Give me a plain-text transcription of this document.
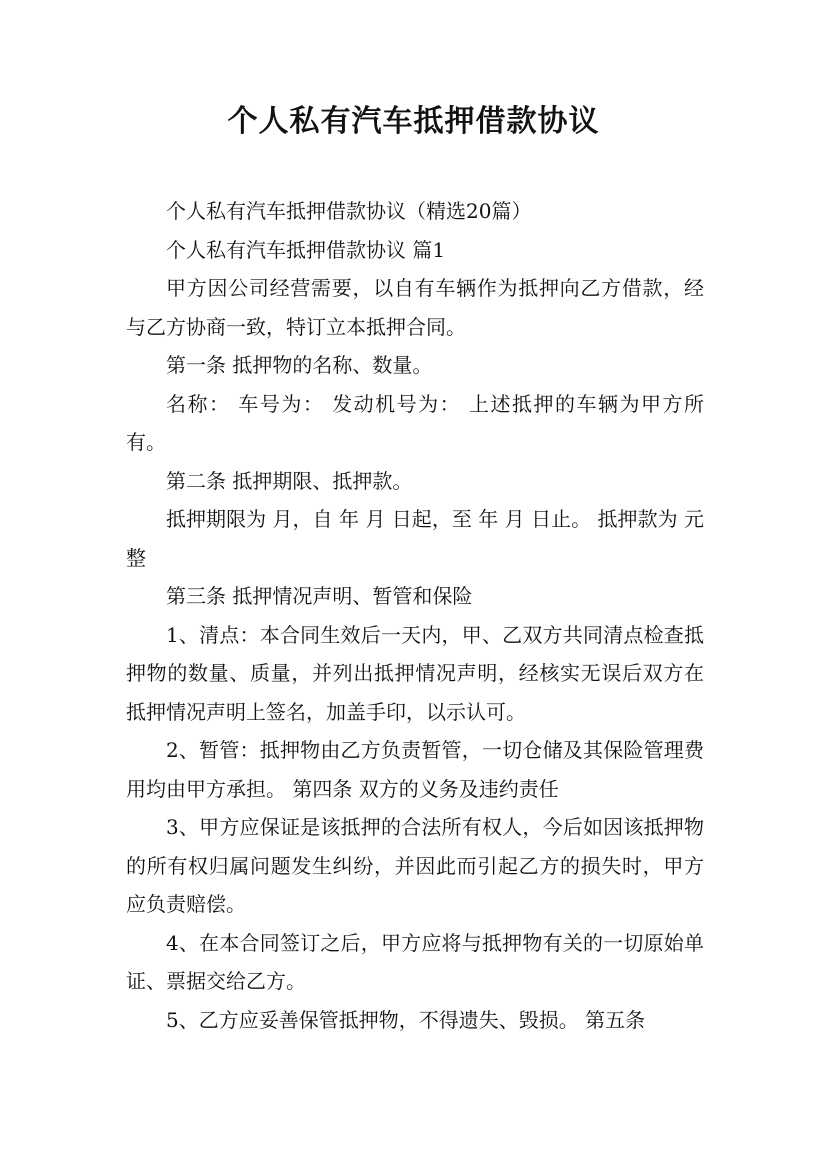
个人私有汽车抵押借款协议

个人私有汽车抵押借款协议（精选20篇）

个人私有汽车抵押借款协议 篇1

甲方因公司经营需要，以自有车辆作为抵押向乙方借款，经与乙方协商一致，特订立本抵押合同。

第一条 抵押物的名称、数量。

名称： 车号为： 发动机号为： 上述抵押的车辆为甲方所有。

第二条 抵押期限、抵押款。

抵押期限为 月，自 年 月 日起，至 年 月 日止。 抵押款为 元整

第三条 抵押情况声明、暂管和保险

1、清点：本合同生效后一天内，甲、乙双方共同清点检查抵押物的数量、质量，并列出抵押情况声明，经核实无误后双方在抵押情况声明上签名，加盖手印，以示认可。

2、暂管：抵押物由乙方负责暂管，一切仓储及其保险管理费用均由甲方承担。 第四条 双方的义务及违约责任

3、甲方应保证是该抵押的合法所有权人，今后如因该抵押物的所有权归属问题发生纠纷，并因此而引起乙方的损失时，甲方应负责赔偿。

4、在本合同签订之后，甲方应将与抵押物有关的一切原始单证、票据交给乙方。

5、乙方应妥善保管抵押物，不得遗失、毁损。 第五条
